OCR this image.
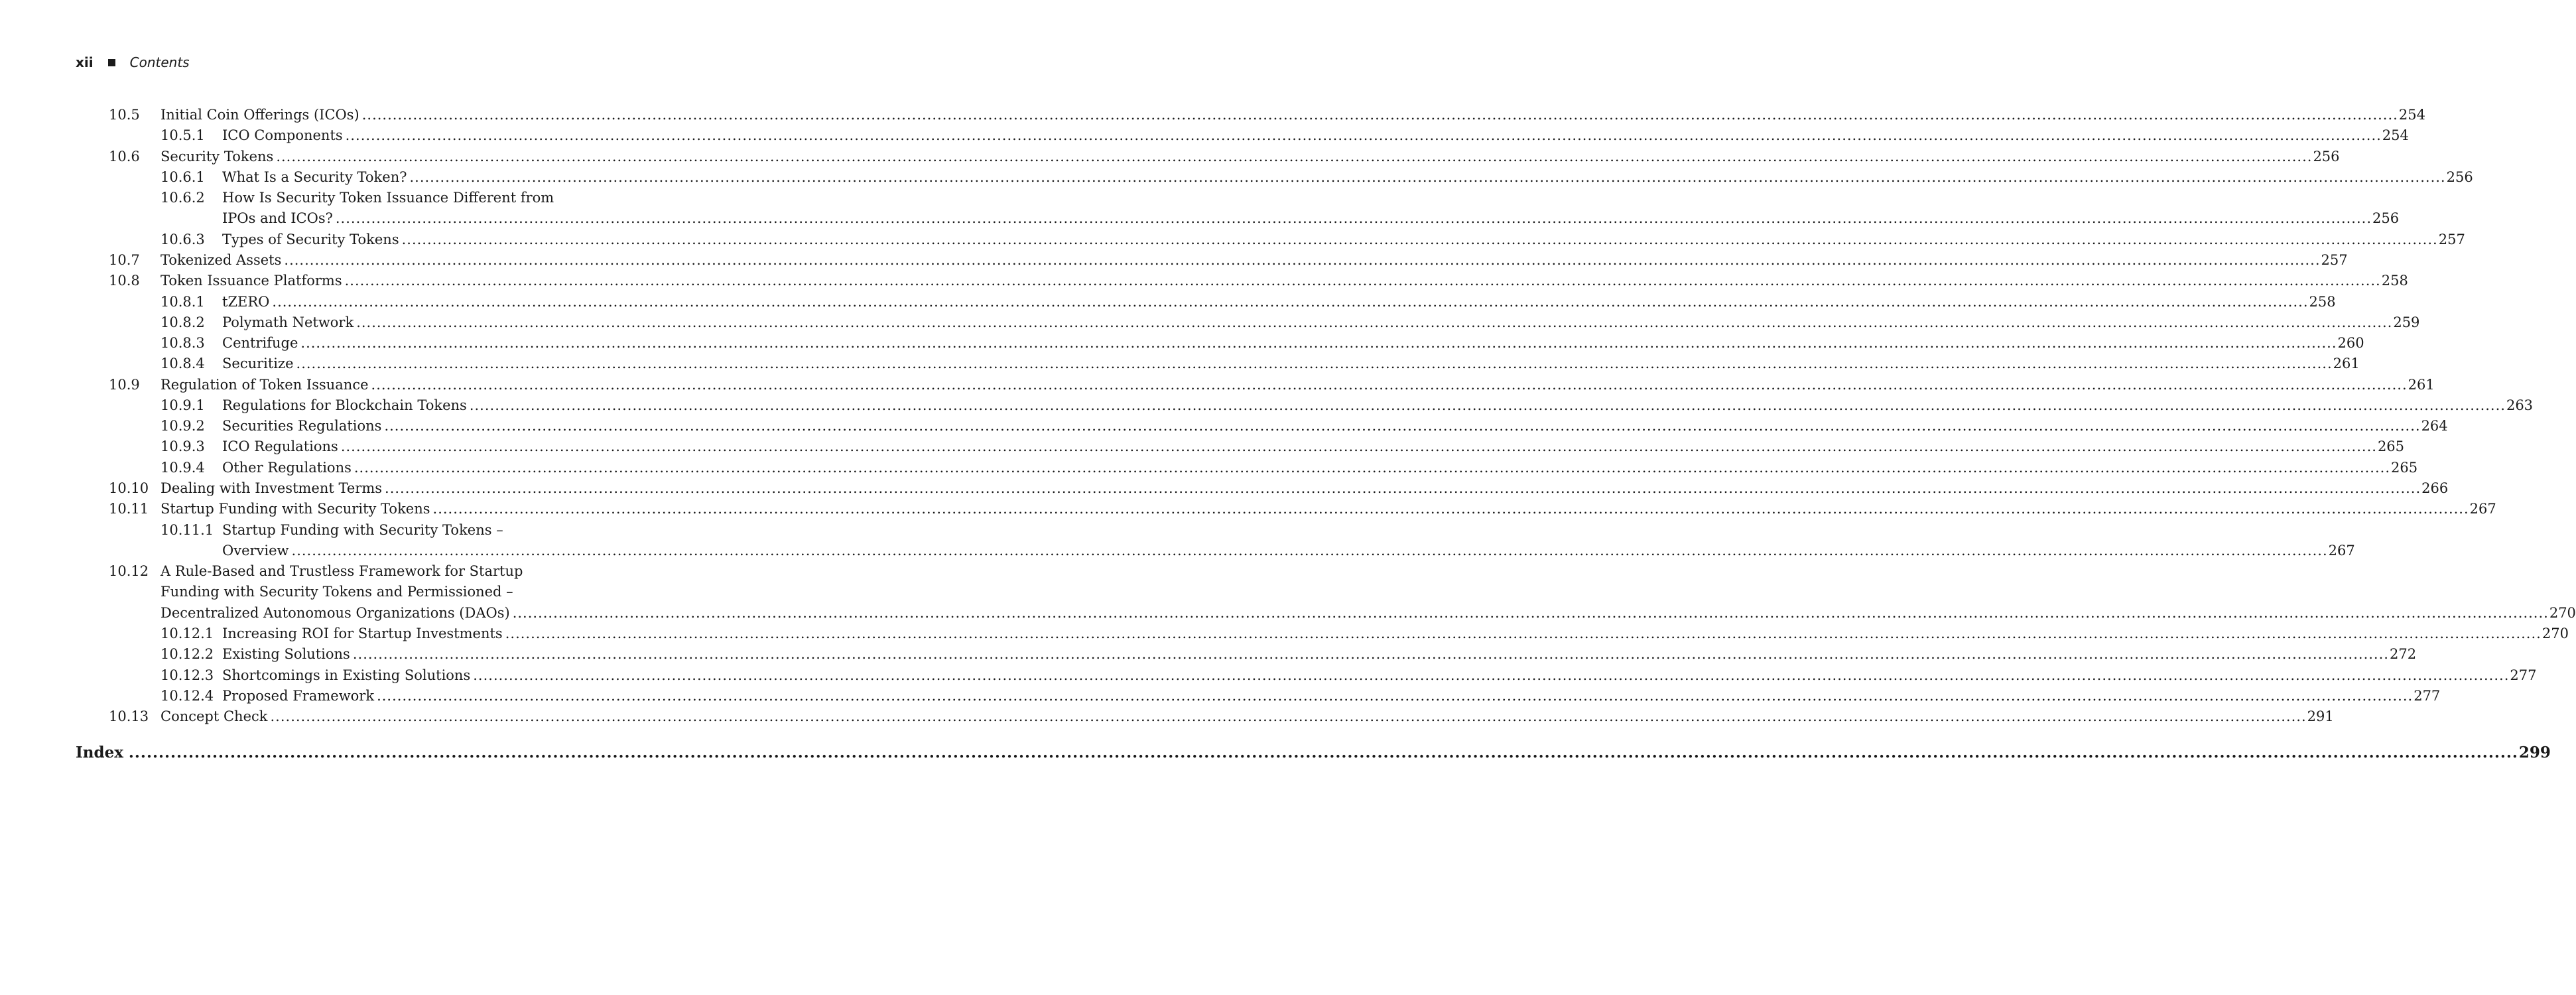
xii	Contents
10.5 Initial Coin Offerings (ICOs) ................................................................................................................................................................................................................................................................................................................................................................................................................ 254
10.5.1 ICO Components ................................................................................................................................................................................................................................................................................................................................................................................................................ 254
10.6 Security Tokens ................................................................................................................................................................................................................................................................................................................................................................................................................ 256
10.6.1 What Is a Security Token? ................................................................................................................................................................................................................................................................................................................................................................................................................ 256
10.6.2 How Is Security Token Issuance Different from
IPOs and ICOs? ................................................................................................................................................................................................................................................................................................................................................................................................................ 256
10.6.3 Types of Security Tokens ................................................................................................................................................................................................................................................................................................................................................................................................................ 257
10.7 Tokenized Assets ................................................................................................................................................................................................................................................................................................................................................................................................................ 257
10.8 Token Issuance Platforms ................................................................................................................................................................................................................................................................................................................................................................................................................ 258
10.8.1 tZERO ................................................................................................................................................................................................................................................................................................................................................................................................................ 258
10.8.2 Polymath Network ................................................................................................................................................................................................................................................................................................................................................................................................................ 259
10.8.3 Centrifuge ................................................................................................................................................................................................................................................................................................................................................................................................................ 260
10.8.4 Securitize ................................................................................................................................................................................................................................................................................................................................................................................................................ 261
10.9 Regulation of Token Issuance ................................................................................................................................................................................................................................................................................................................................................................................................................ 261
10.9.1 Regulations for Blockchain Tokens ................................................................................................................................................................................................................................................................................................................................................................................................................ 263
10.9.2 Securities Regulations ................................................................................................................................................................................................................................................................................................................................................................................................................ 264
10.9.3 ICO Regulations ................................................................................................................................................................................................................................................................................................................................................................................................................ 265
10.9.4 Other Regulations ................................................................................................................................................................................................................................................................................................................................................................................................................ 265
10.10 Dealing with Investment Terms ................................................................................................................................................................................................................................................................................................................................................................................................................ 266
10.11 Startup Funding with Security Tokens ................................................................................................................................................................................................................................................................................................................................................................................................................ 267
10.11.1 Startup Funding with Security Tokens –
Overview ................................................................................................................................................................................................................................................................................................................................................................................................................ 267
10.12 A Rule-Based and Trustless Framework for Startup
Funding with Security Tokens and Permissioned –
Decentralized Autonomous Organizations (DAOs) ................................................................................................................................................................................................................................................................................................................................................................................................................ 270
10.12.1 Increasing ROI for Startup Investments ................................................................................................................................................................................................................................................................................................................................................................................................................ 270
10.12.2 Existing Solutions ................................................................................................................................................................................................................................................................................................................................................................................................................ 272
10.12.3 Shortcomings in Existing Solutions ................................................................................................................................................................................................................................................................................................................................................................................................................ 277
10.12.4 Proposed Framework ................................................................................................................................................................................................................................................................................................................................................................................................................ 277
10.13 Concept Check ................................................................................................................................................................................................................................................................................................................................................................................................................ 291
Index ................................................................................................................................................................................................................................................................................................................................................................................................................ 299
